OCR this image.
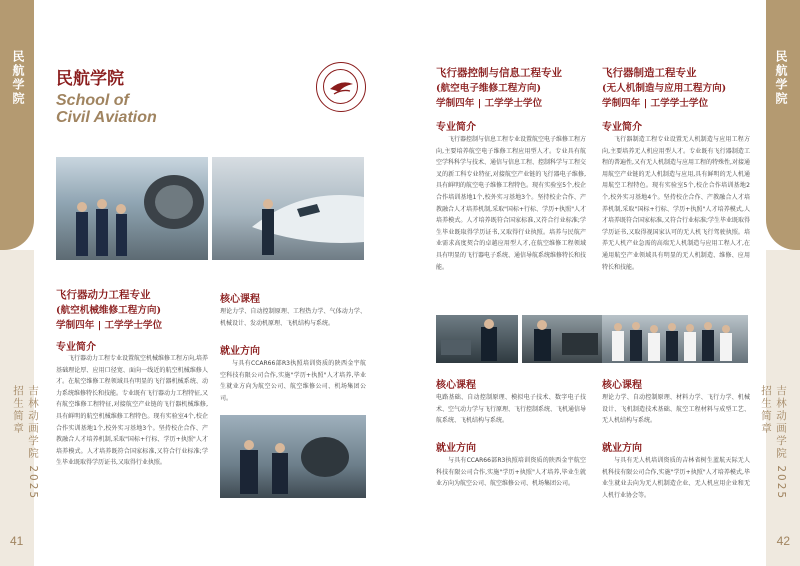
民航学院
吉林动画学院 2025招生简章
41
民航学院
School of
Civil Aviation
飞行器动力工程专业
(航空机械维修工程方向)
学制四年 | 工学学士学位
专业简介
飞行器动力工程专业设置航空机械维修工程方向,培养基础理论厚、应用口径宽、面向一线近的航空机械维修人才。在航空维修工程领域具有明显的飞行器机械系统、动力系统维修特长和技能。专业既有飞行器动力工程特征,又有航空维修工程特征,对接航空产业链的飞行器机械维修,具有鲜明的航空机械维修工程特色。现有实验室4个,校企合作实训基地1个,校外实习基地3个。坚持校企合作、产教融合人才培养机制,采取"国标+行标、学历+执照"人才培养模式。人才培养既符合国家标准,又符合行业标准;学生毕业既取得学历证书,又取得行业执照。
核心课程
理论力学、自动控制原理、工程热力学、气体动力学、机械设计、发动机原理、飞机结构与系统。
就业方向
与具有CCAR66部R3执照培训资质的陕西金宇航空科技有限公司合作,实施"学历+执照"人才培养,毕业生就业方向为航空公司、航空维修公司、机场集团公司。
民航学院
吉林动画学院 2025招生简章
42
飞行器控制与信息工程专业
(航空电子维修工程方向)
学制四年 | 工学学士学位
专业简介
飞行器控制与信息工程专业设置航空电子维修工程方向,主要培养航空电子维修工程应用型人才。专业具有航空学科科学与技术、通信与信息工程、控制科学与工程交叉的新工科专业特征,对接航空产业链的飞行器电子维修,具有鲜明的航空电子维修工程特色。现有实验室5个,校企合作培训基地1个,校外实习基地3个。坚持校企合作、产教融合人才培养机制,采取"国标+行标、学历+执照"人才培养模式。人才培养既符合国家标准,又符合行业标准;学生毕业既取得学历证书,又取得行业执照。培养与民航产业需求高度契合的卓越应用型人才,在航空维修工程领域具有明显的飞行器电子系统、通信导航系统维修特长和技能。
核心课程
电路基础、自动控制原理、模拟电子技术、数字电子技术、空气动力学与飞行原理、飞行控制系统、飞机通信导航系统、飞机结构与系统。
就业方向
与具有CCAR66部R3执照培训资质的陕西金宇航空科技有限公司合作,实施"学历+执照"人才培养,毕业生就业方向为航空公司、航空维修公司、机场集团公司。
飞行器制造工程专业
(无人机制造与应用工程方向)
学制四年 | 工学学士学位
专业简介
飞行器制造工程专业设置无人机制造与应用工程方向,主要培养无人机应用型人才。专业既有飞行器制造工程的普遍性,又有无人机制造与应用工程的特殊性,对接通用航空产业链的无人机制造与应用,具有鲜明的无人机通用航空工程特色。现有实验室5个,校企合作培训基地2个,校外实习基地4个。坚持校企合作、产教融合人才培养机制,采取"国标+行标、学历+执照"人才培养模式,人才培养既符合国家标准,又符合行业标准;学生毕业既取得学历证书,又取得视国家认可的无人机飞行驾驶执照。培养无人机产业急需的高端无人机制造与应用工程人才,在通用航空产业领域具有明显的无人机制造、维修、应用特长和技能。
核心课程
理论力学、自动控制原理、材料力学、飞行力学、机械设计、飞机制造技术基础、航空工程材料与成型工艺、无人机结构与系统。
就业方向
与具有无人机培训资质的吉林省树生蓝航天际无人机科技有限公司合作,实施"学历+执照"人才培养模式,毕业生就业去向为无人机制造企业、无人机应用企业和无人机行业协会等。
